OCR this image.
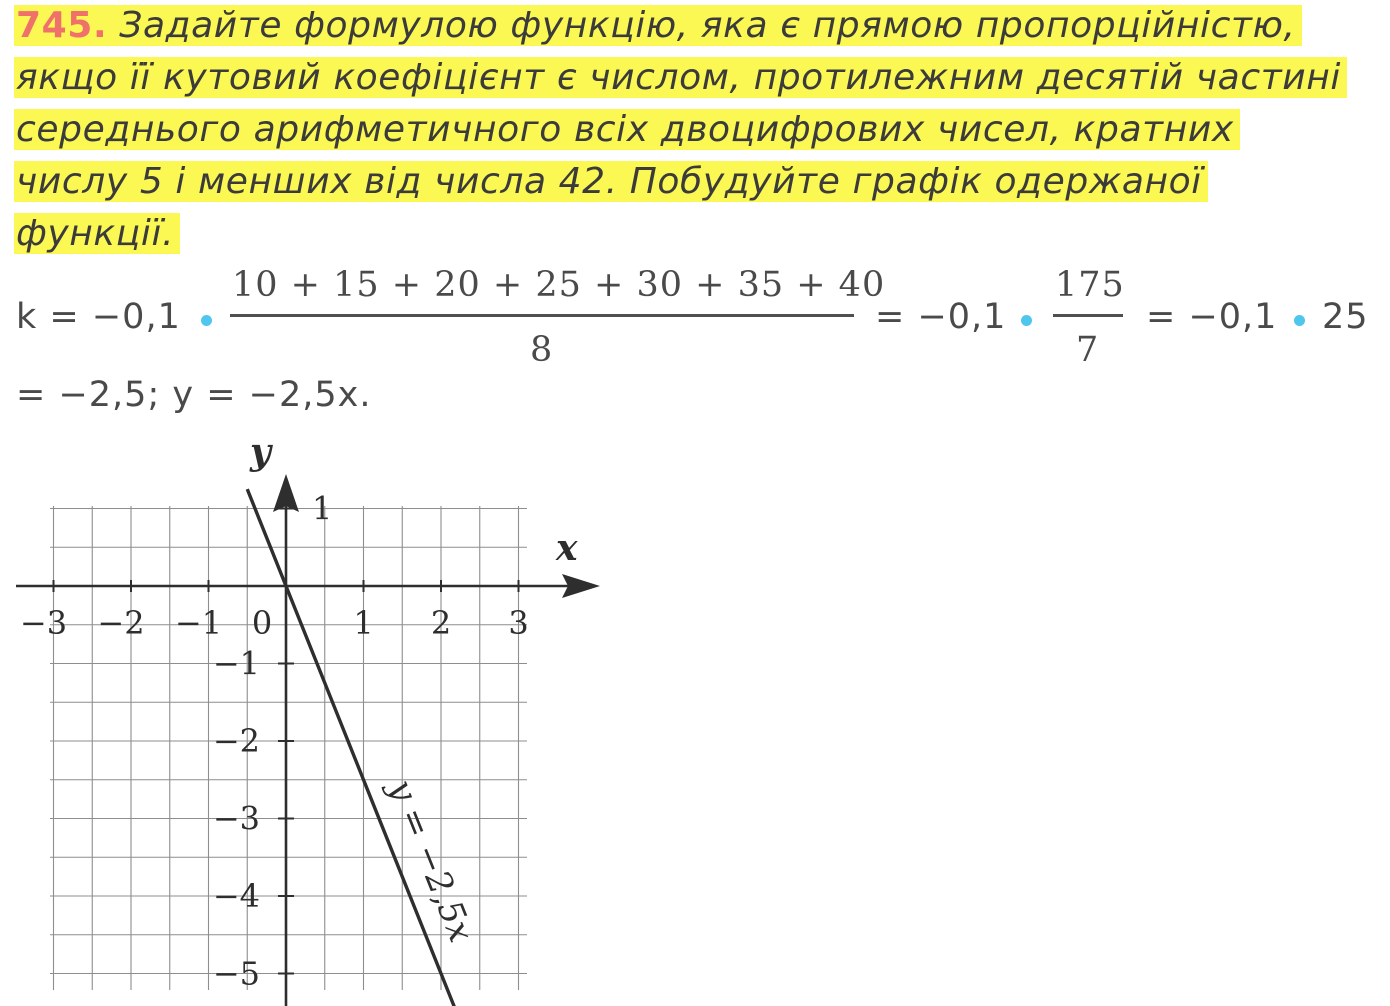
745. Задайте формулою функцію, яка є прямою пропорційністю,
якщо її кутовий коефіцієнт є числом, протилежним десятій частині
середнього арифметичного всіх двоцифрових чисел, кратних
числу 5 і менших від числа 42. Побудуйте графік одержаної
функції.
k = −0,1
10 + 15 + 20 + 25 + 30 + 35 + 40
8
= −0,1
175
7
= −0,1 25
= −2,5; y = −2,5x.
−3 −2 −1 0	1 2 3
1
−1
−2
−3
−4
−5
x
y
y = −2,5x
